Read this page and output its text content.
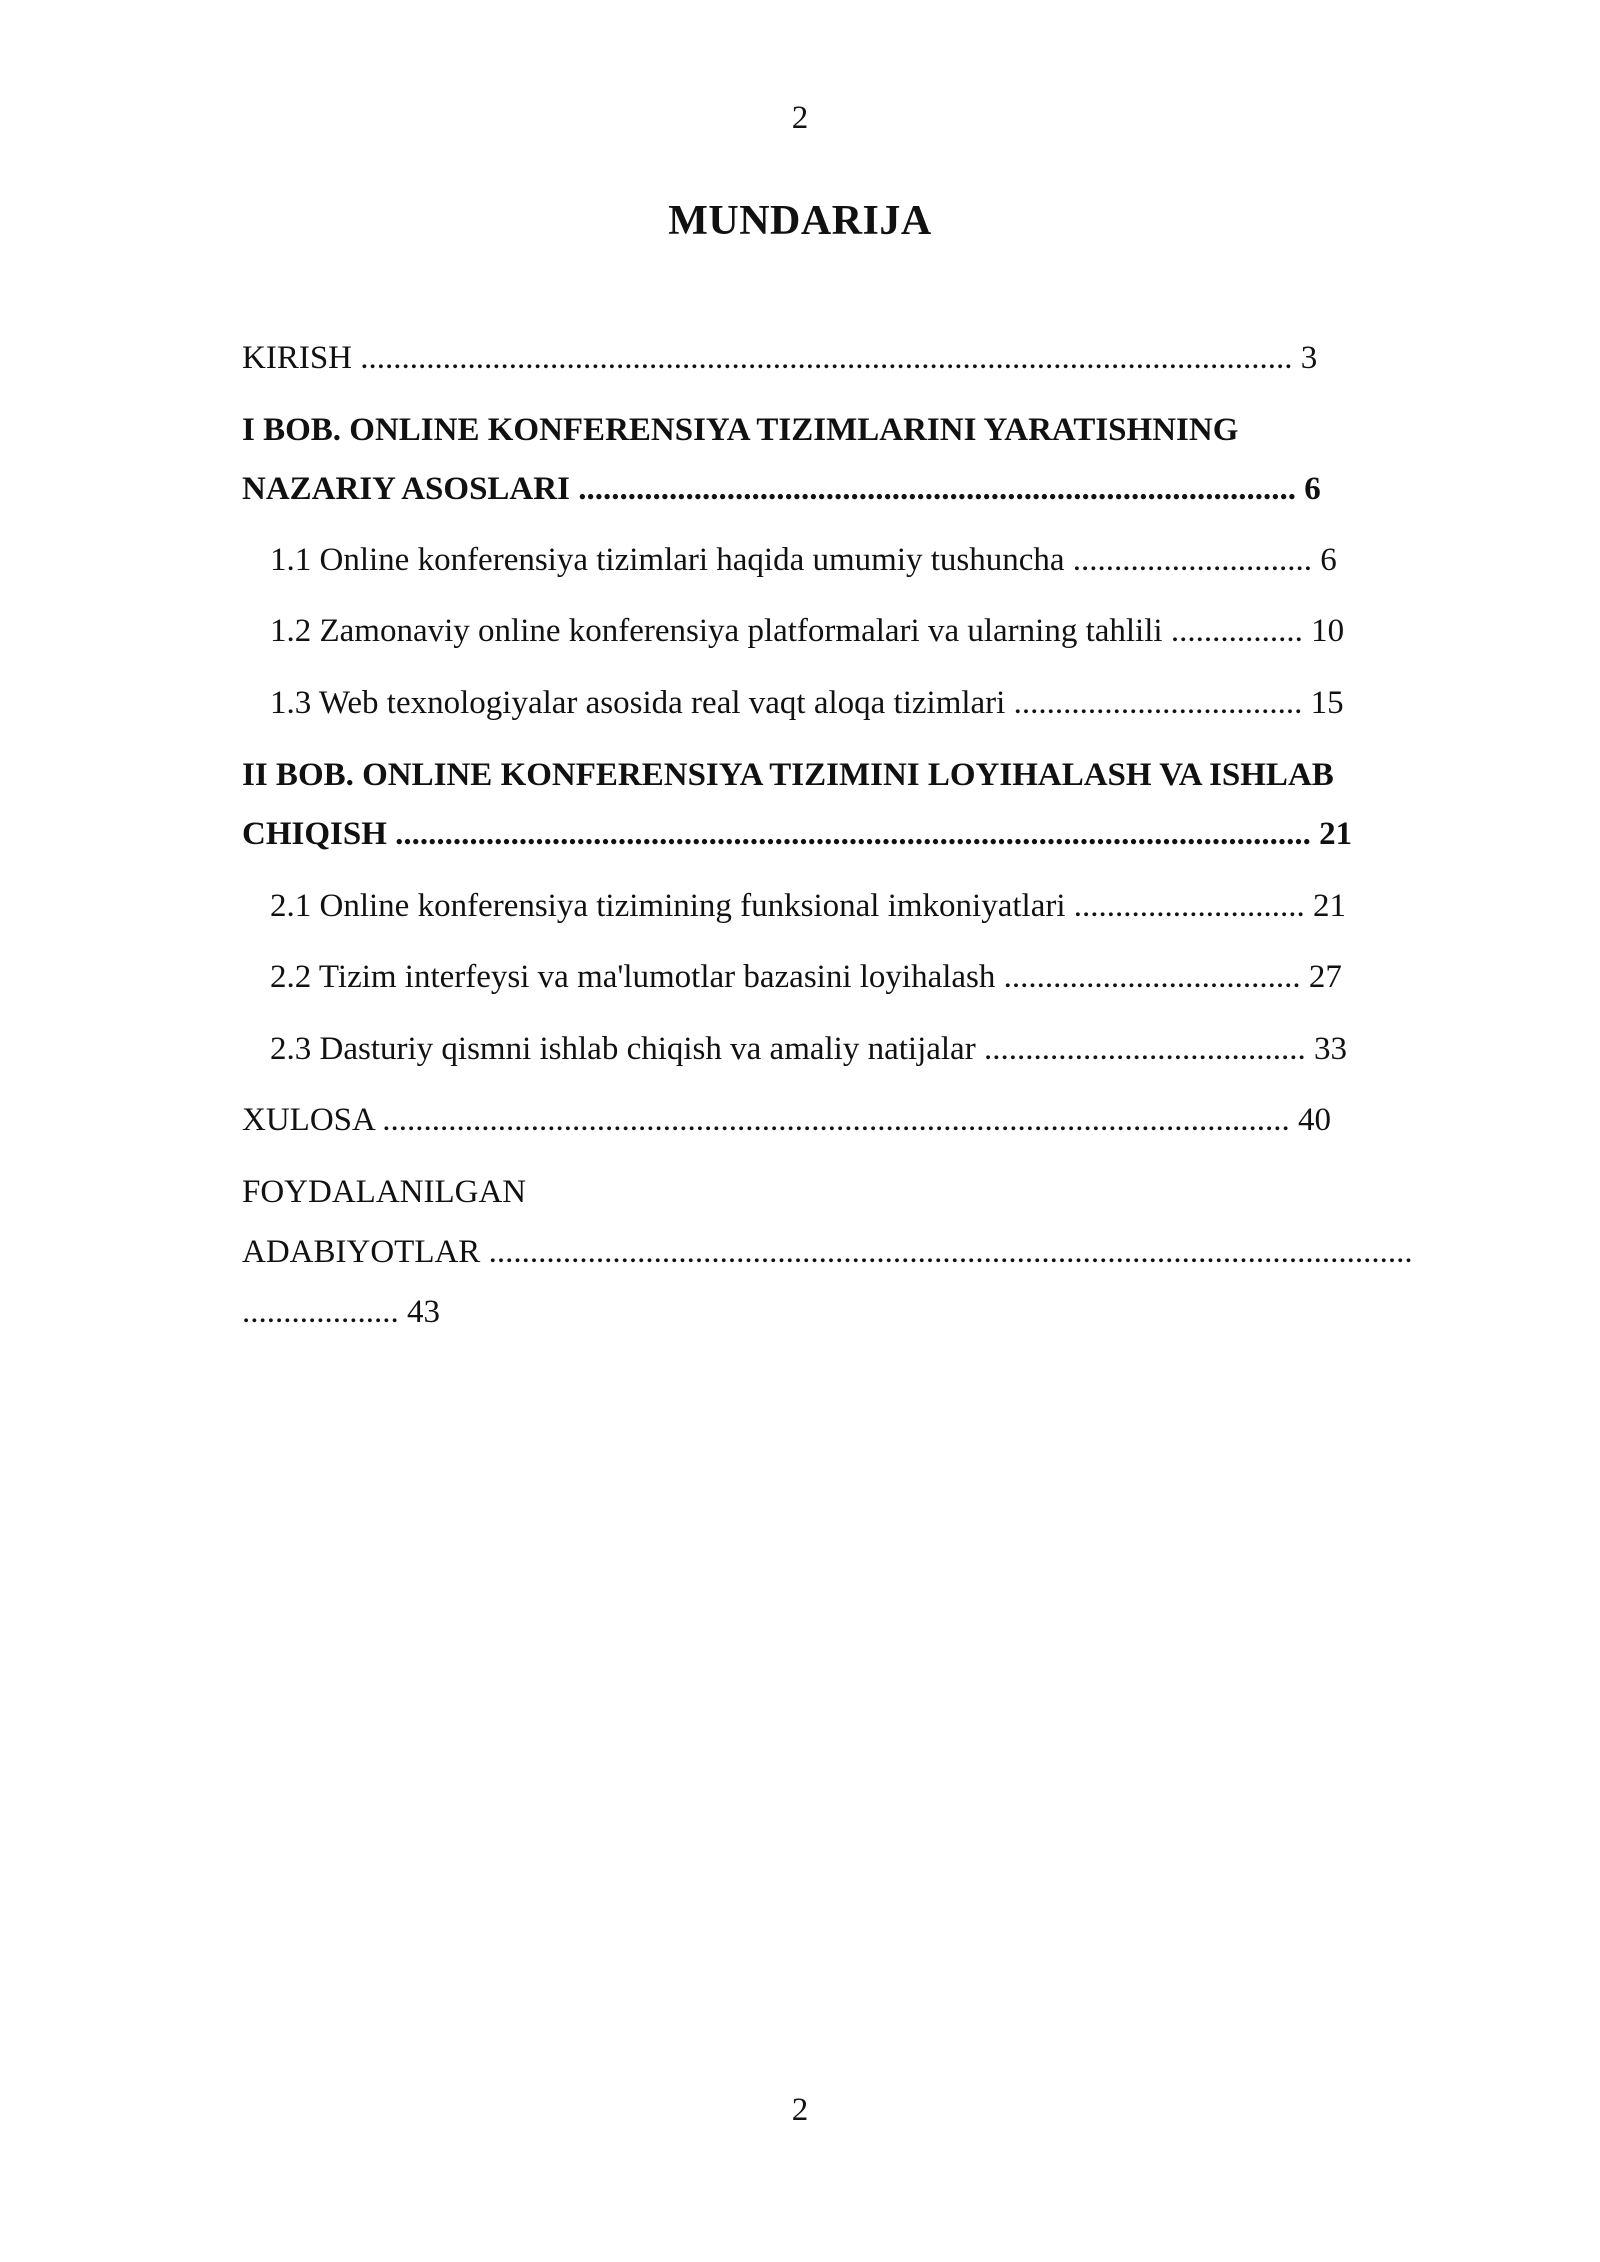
2

MUNDARIJA
KIRISH ................................................................................................................. 3
I BOB. ONLINE KONFERENSIYA TIZIMLARINI YARATISHNING
NAZARIY ASOSLARI ....................................................................................... 6
1.1 Online konferensiya tizimlari haqida umumiy tushuncha ............................. 6
1.2 Zamonaviy online konferensiya platformalari va ularning tahlili ................ 10
1.3 Web texnologiyalar asosida real vaqt aloqa tizimlari ................................... 15
II BOB. ONLINE KONFERENSIYA TIZIMINI LOYIHALASH VA ISHLAB
CHIQISH ............................................................................................................... 21
2.1 Online konferensiya tizimining funksional imkoniyatlari ............................ 21
2.2 Tizim interfeysi va ma'lumotlar bazasini loyihalash .................................... 27
2.3 Dasturiy qismni ishlab chiqish va amaliy natijalar ....................................... 33
XULOSA .............................................................................................................. 40
FOYDALANILGAN
ADABIYOTLAR ................................................................................................................
................... 43

2
